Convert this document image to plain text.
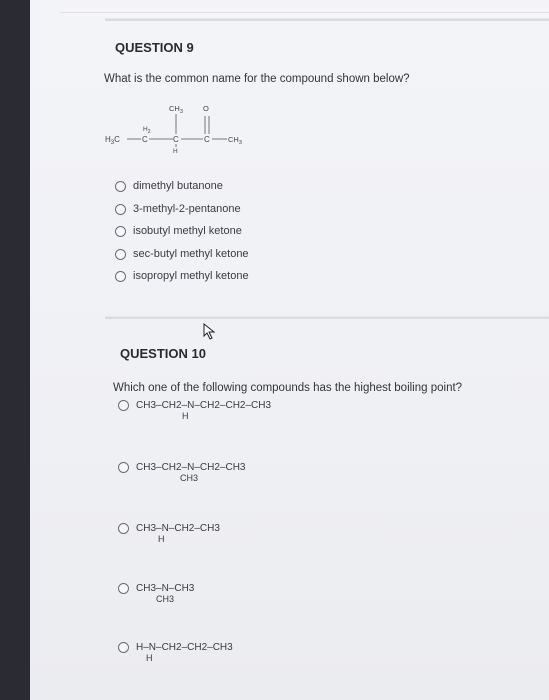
QUESTION 9
What is the common name for the compound shown below?
$H_3C$	C
$H_2$
C
$CH_3$
H
C
O
$CH_3$
dimethyl butanone
3-methyl-2-pentanone
isobutyl methyl ketone
sec-butyl methyl ketone
isopropyl methyl ketone
QUESTION 10
Which one of the following compounds has the highest boiling point?
CH3–CH2–N–CH2–CH2–CH3
H
CH3–CH2–N–CH2–CH3
CH3
CH3–N–CH2–CH3
H
CH3–N–CH3
CH3
H–N–CH2–CH2–CH3
H
